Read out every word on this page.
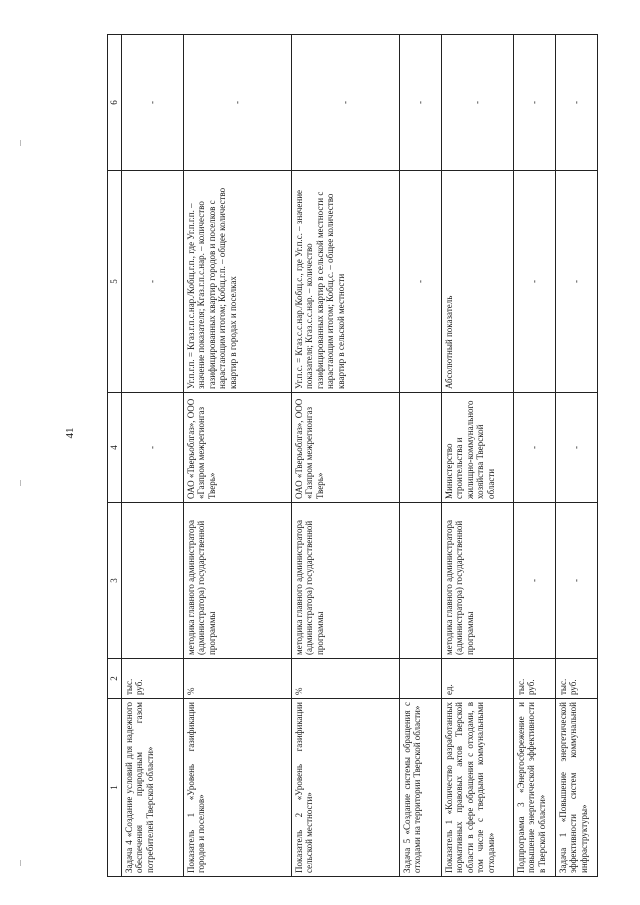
41
1	2	3	4	5	6
Задача 4 «Создание условий для надежного обеспечения природным газом потребителей Тверской области»	тыс. руб.		-	-	-
Показатель 1 «Уровень газификации городов и поселков»	%	методика главного администратора (администратора) государственной программы	ОАО «Тверьоблгаз», ООО «Газпром межрегионгаз Тверь»	Уг.п.г.п. = Кгаз.г.п.с.нар./Кобщ.г.п., где Уг.п.г.п. – значение показателя; Кгаз.г.п.с.нар. – количество газифицированных квартир городов и поселков с нарастающим итогом; Кобщ.г.п. – общее количество квартир в городах и поселках	-
Показатель 2 «Уровень газификации сельской местности»	%	методика главного администратора (администратора) государственной программы	ОАО «Тверьоблгаз», ООО «Газпром межрегионгаз Тверь»	Уг.п.с. = Кгаз.с.с.нар./Кобщ.с., где Уг.п.с. – значение показателя; Кгаз.с.с.нар. – количество газифицированных квартир в сельской местности с нарастающим итогом; Кобщ.с. – общее количество квартир в сельской местности	-
Задача 5 «Создание системы обращения с отходами на территории Тверской области»				-	-
Показатель 1 «Количество разработанных нормативных правовых актов Тверской области в сфере обращения с отходами, в том числе с твердыми коммунальными отходами»	ед.	методика главного администратора (администратора) государственной программы	Министерство строительства и жилищно-коммунального хозяйства Тверской области	Абсолютный показатель	-
Подпрограмма 3 «Энергосбережение и повышение энергетической эффективности в Тверской области»	тыс. руб.	-	-	-	-
Задача 1 «Повышение энергетической эффективности систем коммунальной инфраструктуры»	тыс. руб.	-	-	-	-
